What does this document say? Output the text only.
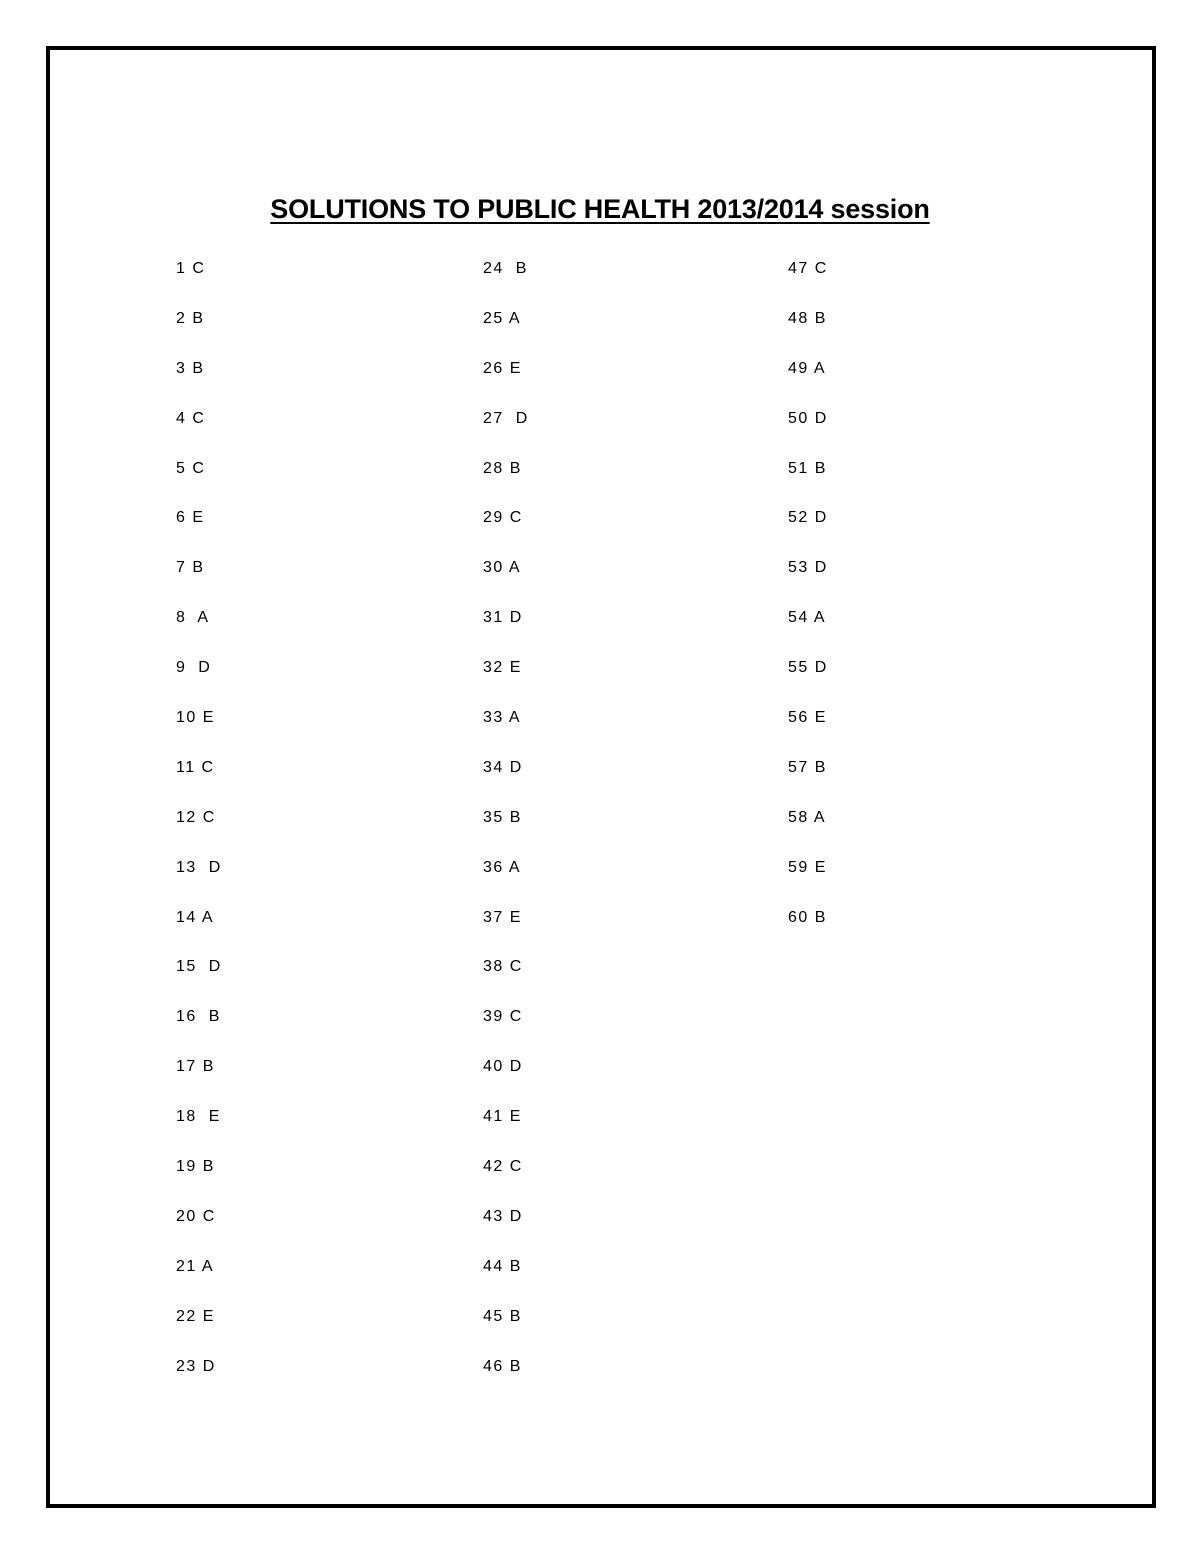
SOLUTIONS TO PUBLIC HEALTH 2013/2014 session
1 C
2 B
3 B
4 C
5 C
6 E
7 B
8  A
9  D
10 E
11 C
12 C
13  D
14 A
15  D
16  B
17 B
18  E
19 B
20 C
21 A
22 E
23 D
24  B
25 A
26 E
27  D
28 B
29 C
30 A
31 D
32 E
33 A
34 D
35 B
36 A
37 E
38 C
39 C
40 D
41 E
42 C
43 D
44 B
45 B
46 B
47 C
48 B
49 A
50 D
51 B
52 D
53 D
54 A
55 D
56 E
57 B
58 A
59 E
60 B
